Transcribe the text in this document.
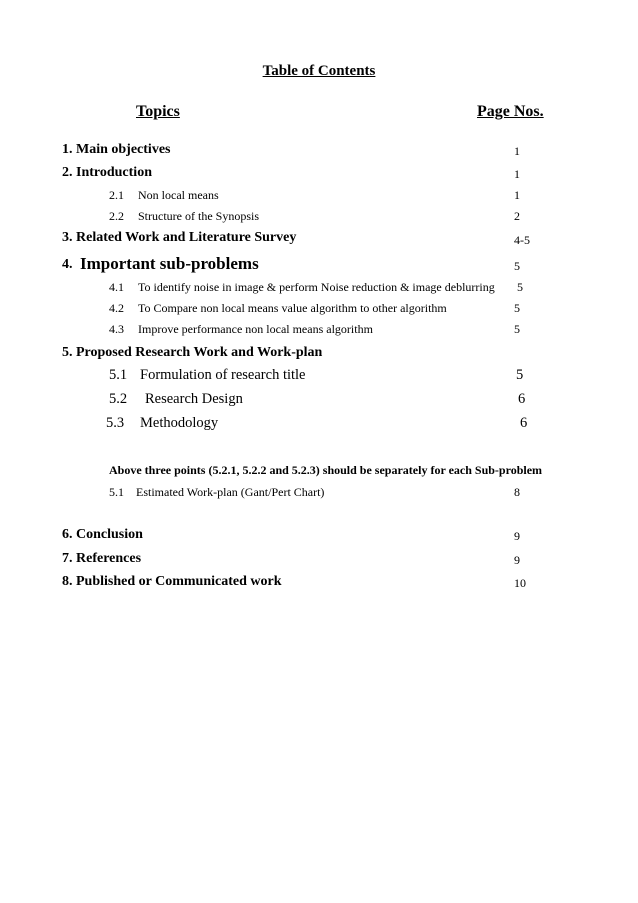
Table of Contents
Topics	Page Nos.
1. Main objectives	1
2. Introduction	1
2.1 Non local means	1
2.2 Structure of the Synopsis	2
3. Related Work and Literature Survey	4-5
4. Important sub-problems	5
4.1 To identify noise in image & perform Noise reduction & image deblurring 5
4.2 To Compare non local means value algorithm to other algorithm	5
4.3 Improve performance non local means algorithm	5
5. Proposed Research Work and Work-plan
5.1 Formulation of research title	5
5.2 Research Design	6
5.3 Methodology	6
Above three points (5.2.1, 5.2.2 and 5.2.3) should be separately for each Sub-problem
5.1 Estimated Work-plan (Gant/Pert Chart)	8
6. Conclusion	9
7. References	9
8. Published or Communicated work	10
